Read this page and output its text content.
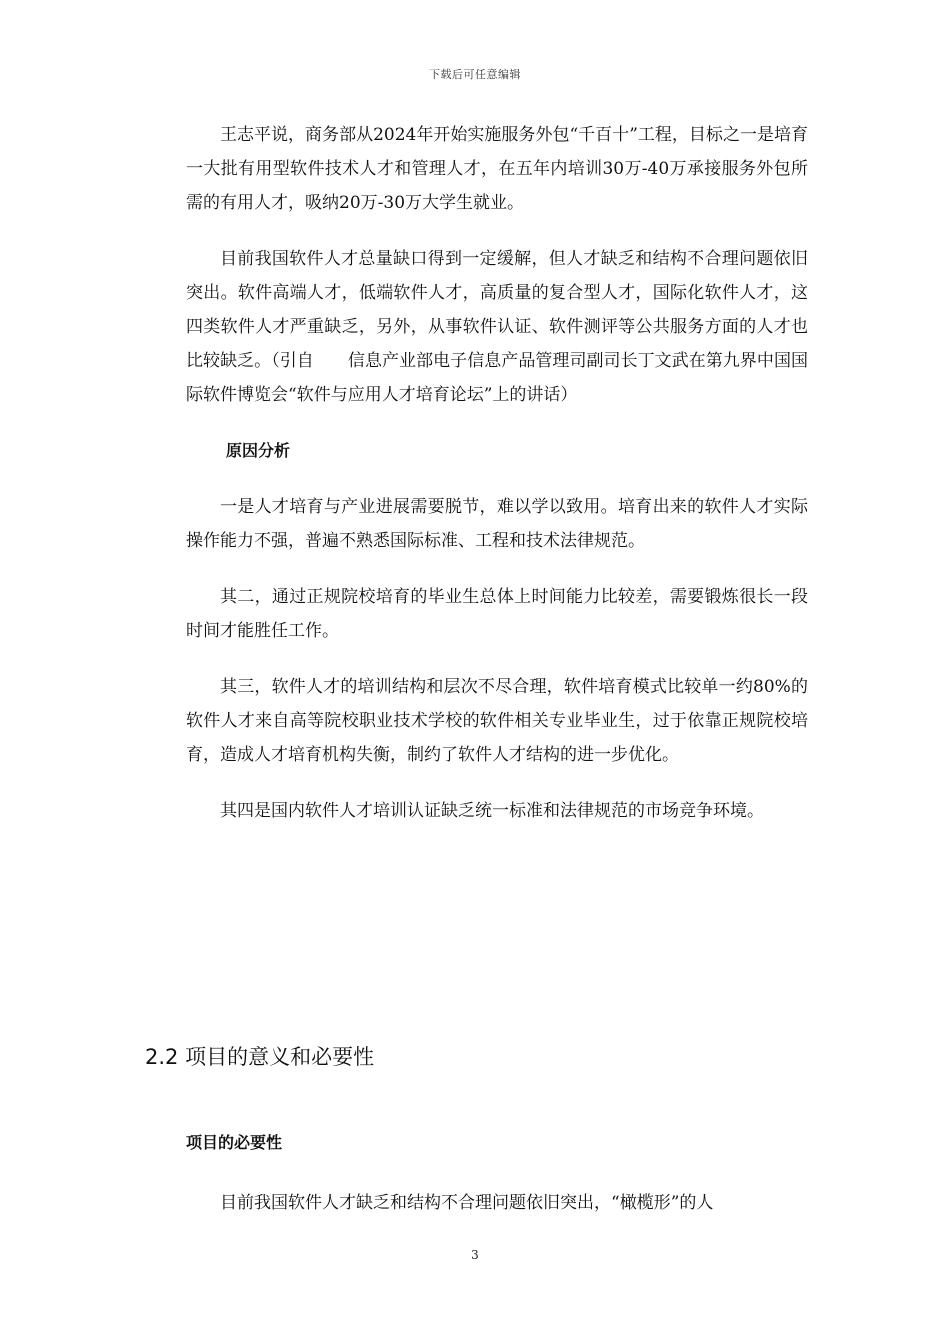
下载后可任意编辑

王志平说，商务部从2024年开始实施服务外包“千百十”工程，目标之一是培育一大批有用型软件技术人才和管理人才，在五年内培训30万-40万承接服务外包所需的有用人才，吸纳20万-30万大学生就业。

目前我国软件人才总量缺口得到一定缓解，但人才缺乏和结构不合理问题依旧突出。软件高端人才，低端软件人才，高质量的复合型人才，国际化软件人才，这四类软件人才严重缺乏，另外，从事软件认证、软件测评等公共服务方面的人才也比较缺乏。（引自　　信息产业部电子信息产品管理司副司长丁文武在第九界中国国际软件博览会“软件与应用人才培育论坛”上的讲话）

原因分析

一是人才培育与产业进展需要脱节，难以学以致用。培育出来的软件人才实际操作能力不强，普遍不熟悉国际标准、工程和技术法律规范。

其二，通过正规院校培育的毕业生总体上时间能力比较差，需要锻炼很长一段时间才能胜任工作。

其三，软件人才的培训结构和层次不尽合理，软件培育模式比较单一约80%的软件人才来自高等院校职业技术学校的软件相关专业毕业生，过于依靠正规院校培育，造成人才培育机构失衡，制约了软件人才结构的进一步优化。

其四是国内软件人才培训认证缺乏统一标准和法律规范的市场竞争环境。

2.2 项目的意义和必要性
项目的必要性

目前我国软件人才缺乏和结构不合理问题依旧突出，“橄榄形”的人

3
